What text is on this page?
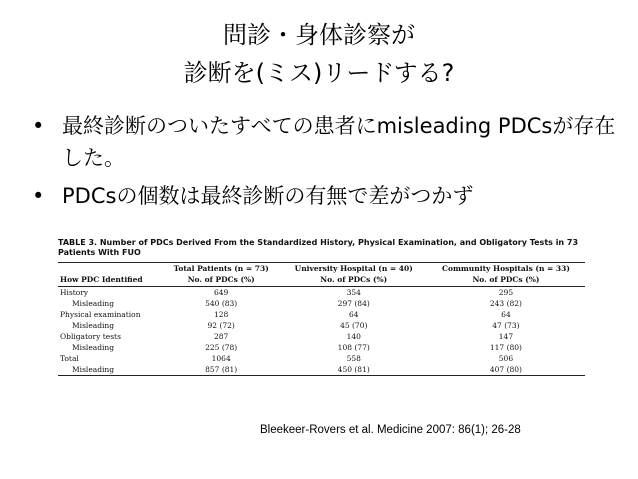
問診・身体診察が
診断を(ミス)リードする?
• 最終診断のついたすべての患者にmisleading PDCsが存在した。
• PDCsの個数は最終診断の有無で差がつかず
TABLE 3. Number of PDCs Derived From the Standardized History, Physical Examination, and Obligatory Tests in 73 Patients With FUO
	Total Patients (n = 73)	University Hospital (n = 40)	Community Hospitals (n = 33)
How PDC Identified	No. of PDCs (%)	No. of PDCs (%)	No. of PDCs (%)
History	649	354	295
Misleading	540 (83)	297 (84)	243 (82)
Physical examination	128	64	64
Misleading	92 (72)	45 (70)	47 (73)
Obligatory tests	287	140	147
Misleading	225 (78)	108 (77)	117 (80)
Total	1064	558	506
Misleading	857 (81)	450 (81)	407 (80)
Bleekeer-Rovers et al. Medicine 2007: 86(1); 26-28
